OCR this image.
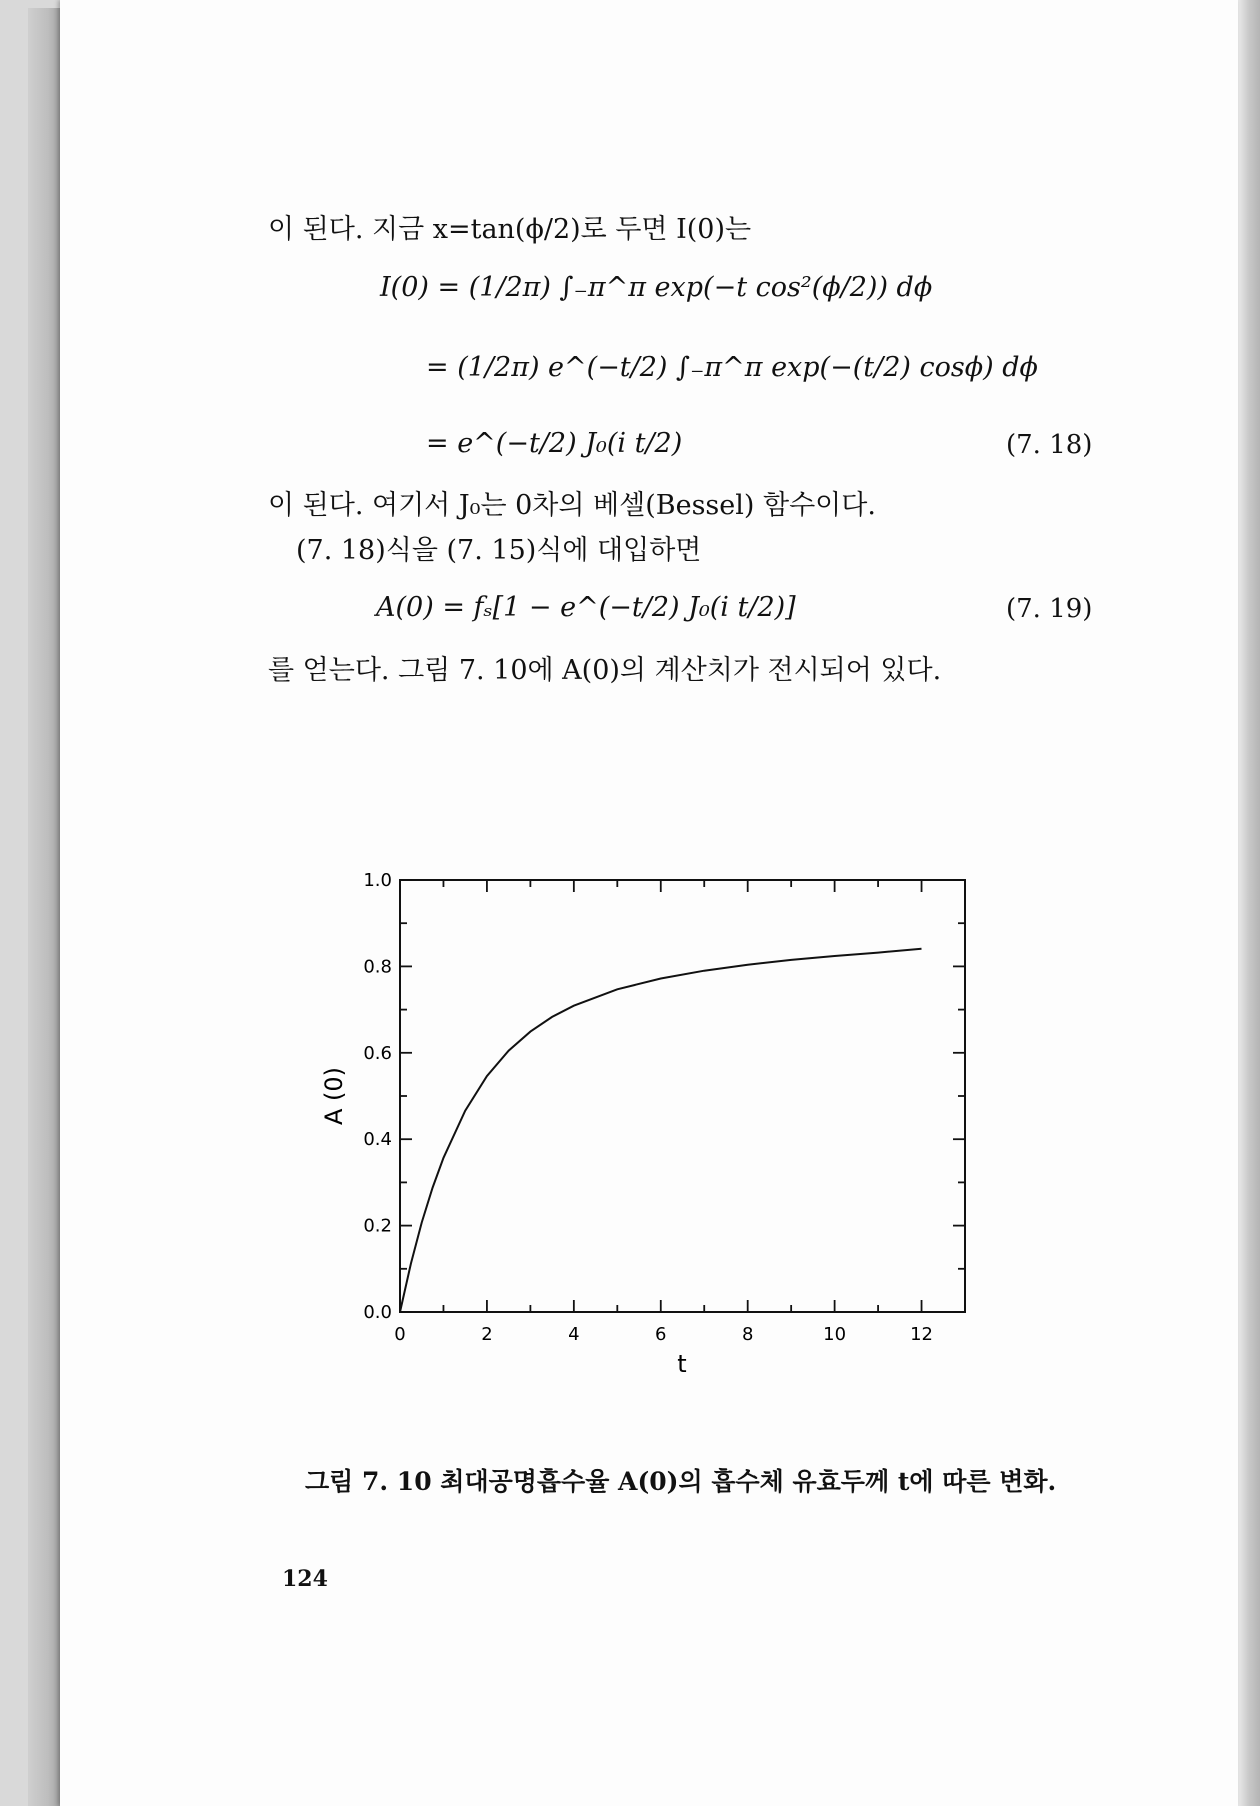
이 된다. 지금 x=tan(ϕ/2)로 두면 I(0)는
I(0) = (1/2π) ∫₋π^π exp(−t cos²(ϕ/2)) dϕ
= (1/2π) e^(−t/2) ∫₋π^π exp(−(t/2) cosϕ) dϕ
= e^(−t/2) J₀(i t/2)	(7. 18)
이 된다. 여기서 J₀는 0차의 베셀(Bessel) 함수이다.
(7. 18)식을 (7. 15)식에 대입하면
A(0) = fₛ[1 − e^(−t/2) J₀(i t/2)]	(7. 19)
를 얻는다. 그림 7. 10에 A(0)의 계산치가 전시되어 있다.
0	2	4	6	8	10	12
0.0
0.2
0.4
0.6
0.8
1.0
t
A (0)
그림 7. 10 최대공명흡수율 A(0)의 흡수체 유효두께 t에 따른 변화.
124
